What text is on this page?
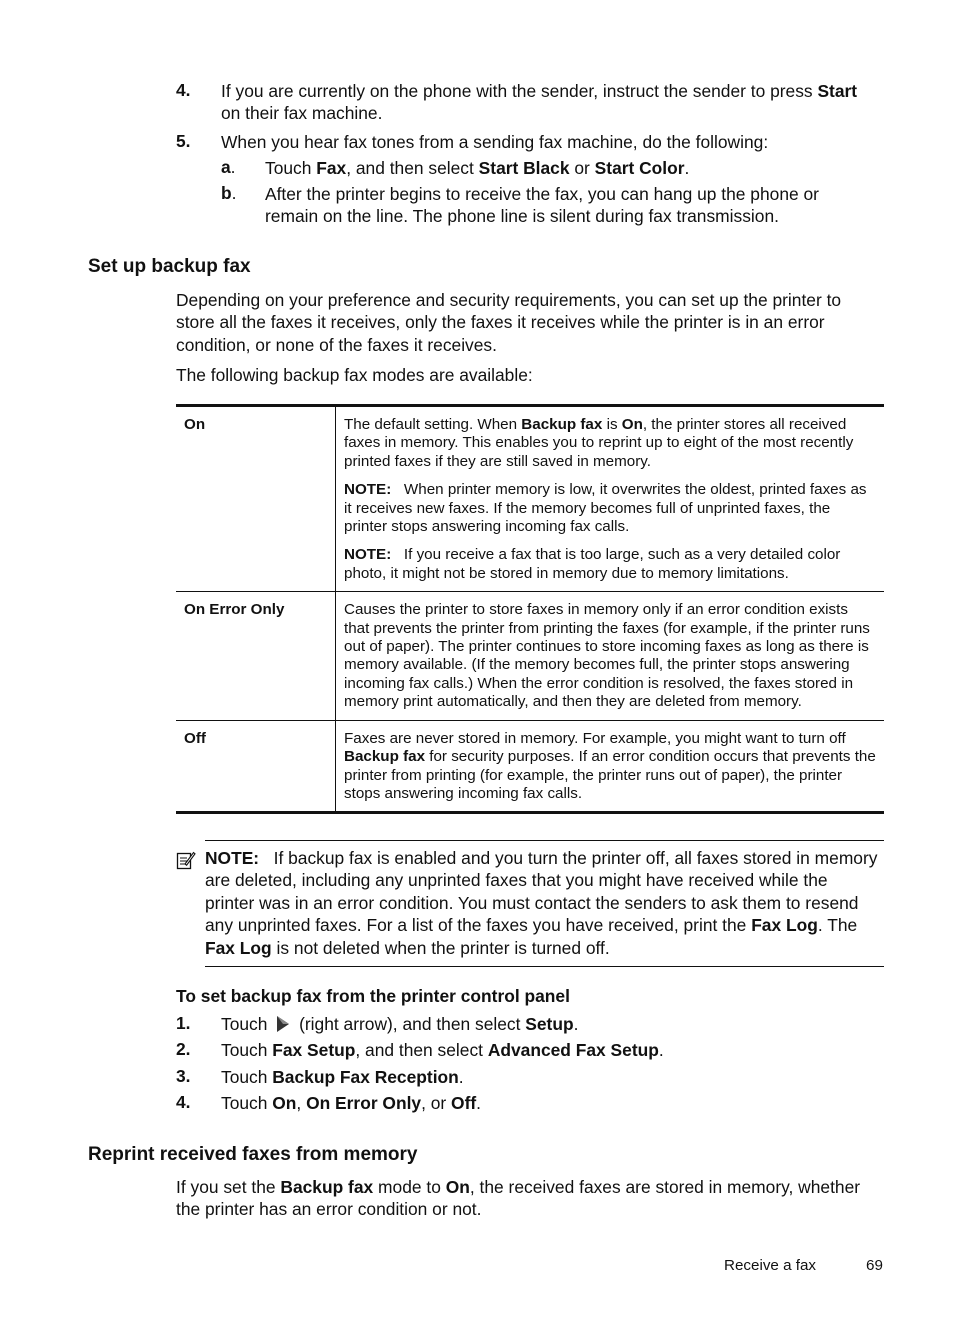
4. If you are currently on the phone with the sender, instruct the sender to press Start on their fax machine.
5. When you hear fax tones from a sending fax machine, do the following:
a. Touch Fax, and then select Start Black or Start Color.
b. After the printer begins to receive the fax, you can hang up the phone or remain on the line. The phone line is silent during fax transmission.
Set up backup fax
Depending on your preference and security requirements, you can set up the printer to store all the faxes it receives, only the faxes it receives while the printer is in an error condition, or none of the faxes it receives.
The following backup fax modes are available:
On	The default setting. When Backup fax is On, the printer stores all received faxes in memory. This enables you to reprint up to eight of the most recently printed faxes if they are still saved in memory.

NOTE: When printer memory is low, it overwrites the oldest, printed faxes as it receives new faxes. If the memory becomes full of unprinted faxes, the printer stops answering incoming fax calls.

NOTE: If you receive a fax that is too large, such as a very detailed color photo, it might not be stored in memory due to memory limitations.

On Error Only	Causes the printer to store faxes in memory only if an error condition exists that prevents the printer from printing the faxes (for example, if the printer runs out of paper). The printer continues to store incoming faxes as long as there is memory available. (If the memory becomes full, the printer stops answering incoming fax calls.) When the error condition is resolved, the faxes stored in memory print automatically, and then they are deleted from memory.

Off	Faxes are never stored in memory. For example, you might want to turn off Backup fax for security purposes. If an error condition occurs that prevents the printer from printing (for example, the printer runs out of paper), the printer stops answering incoming fax calls.

NOTE: If backup fax is enabled and you turn the printer off, all faxes stored in memory are deleted, including any unprinted faxes that you might have received while the printer was in an error condition. You must contact the senders to ask them to resend any unprinted faxes. For a list of the faxes you have received, print the Fax Log. The Fax Log is not deleted when the printer is turned off.
To set backup fax from the printer control panel
1. Touch  (right arrow), and then select Setup.
2. Touch Fax Setup, and then select Advanced Fax Setup.
3. Touch Backup Fax Reception.
4. Touch On, On Error Only, or Off.
Reprint received faxes from memory
If you set the Backup fax mode to On, the received faxes are stored in memory, whether the printer has an error condition or not.
Receive a fax	69
